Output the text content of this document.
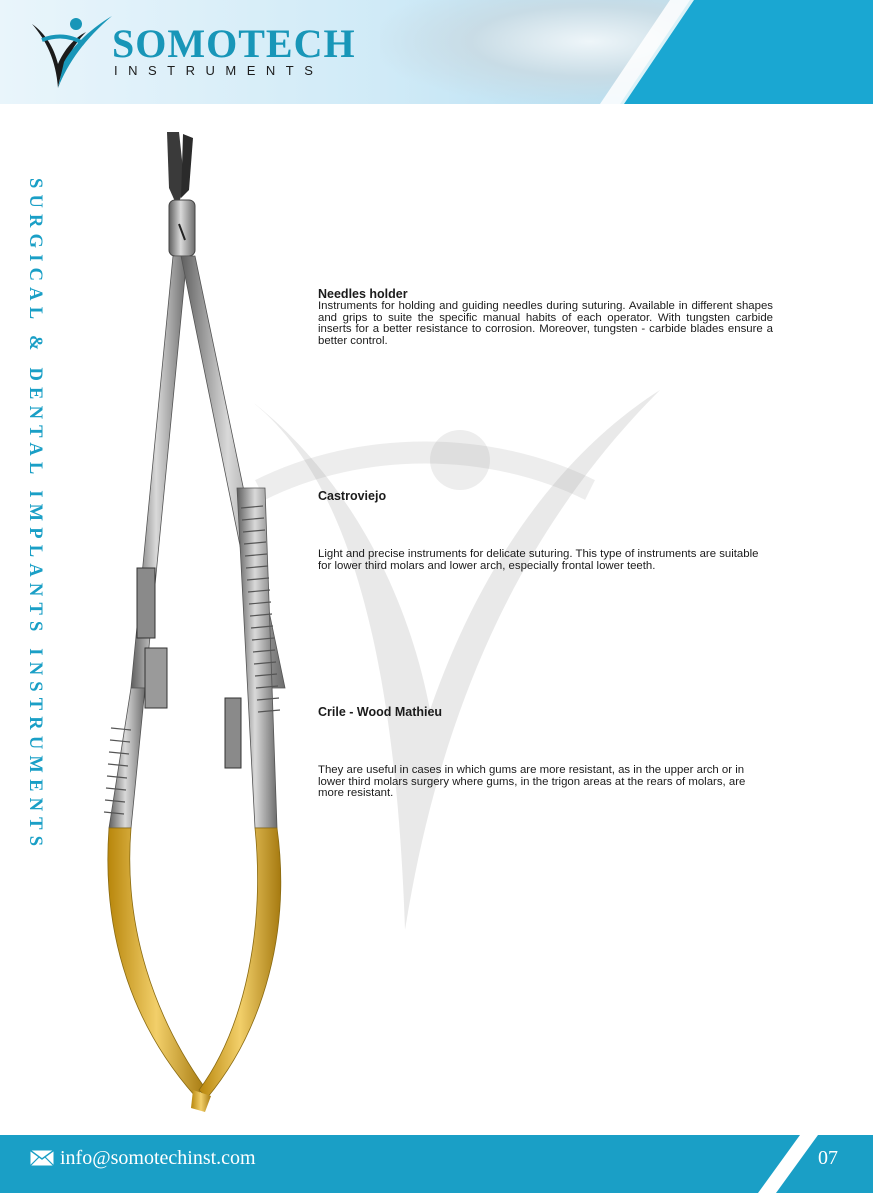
SOMOTECH
INSTRUMENTS
SURGICAL & DENTAL IMPLANTS INSTRUMENTS	Needles holder
Instruments for holding and guiding needles during suturing. Available in different shapes and grips to suite the specific manual habits of each operator. With tungsten carbide inserts for a better resistance to corrosion. Moreover, tungsten - carbide blades ensure a better control.
Castroviejo
Light and precise instruments for delicate suturing. This type of instruments are suitable for lower third molars and lower arch, especially frontal lower teeth.
Crile - Wood Mathieu
They are useful in cases in which gums are more resistant, as in the upper arch or in lower third molars surgery where gums, in the trigon areas at the rears of molars, are more resistant.
info@somotechinst.com	07
